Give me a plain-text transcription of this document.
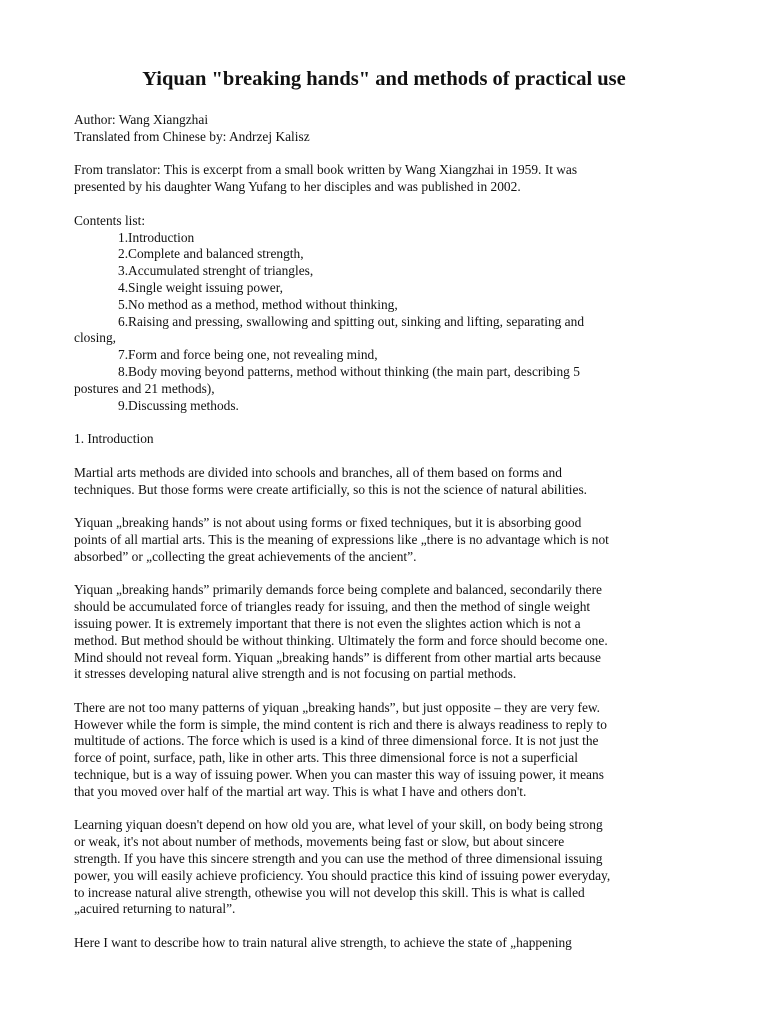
Yiquan "breaking hands" and methods of practical use
Author: Wang Xiangzhai
Translated from Chinese by: Andrzej Kalisz
From translator: This is excerpt from a small book written by Wang Xiangzhai in 1959. It was
presented by his daughter Wang Yufang to her disciples and was published in 2002.
Contents list:
1.Introduction
2.Complete and balanced strength,
3.Accumulated strenght of triangles,
4.Single weight issuing power,
5.No method as a method, method without thinking,
6.Raising and pressing, swallowing and spitting out, sinking and lifting, separating and
closing,
7.Form and force being one, not revealing mind,
8.Body moving beyond patterns, method without thinking (the main part, describing 5
postures and 21 methods),
9.Discussing methods.
1. Introduction
Martial arts methods are divided into schools and branches, all of them based on forms and
techniques. But those forms were create artificially, so this is not the science of natural abilities.
Yiquan „breaking hands” is not about using forms or fixed techniques, but it is absorbing good
points of all martial arts. This is the meaning of expressions like „there is no advantage which is not
absorbed” or „collecting the great achievements of the ancient”.
Yiquan „breaking hands” primarily demands force being complete and balanced, secondarily there
should be accumulated force of triangles ready for issuing, and then the method of single weight
issuing power. It is extremely important that there is not even the slightes action which is not a
method. But method should be without thinking. Ultimately the form and force should become one.
Mind should not reveal form. Yiquan „breaking hands” is different from other martial arts because
it stresses developing natural alive strength and is not focusing on partial methods.
There are not too many patterns of yiquan „breaking hands”, but just opposite – they are very few.
However while the form is simple, the mind content is rich and there is always readiness to reply to
multitude of actions. The force which is used is a kind of three dimensional force. It is not just the
force of point, surface, path, like in other arts. This three dimensional force is not a superficial
technique, but is a way of issuing power. When you can master this way of issuing power, it means
that you moved over half of the martial art way. This is what I have and others don't.
Learning yiquan doesn't depend on how old you are, what level of your skill, on body being strong
or weak, it's not about number of methods, movements being fast or slow, but about sincere
strength. If you have this sincere strength and you can use the method of three dimensional issuing
power, you will easily achieve proficiency. You should practice this kind of issuing power everyday,
to increase natural alive strength, othewise you will not develop this skill. This is what is called
„acuired returning to natural”.
Here I want to describe how to train natural alive strength, to achieve the state of „happening
